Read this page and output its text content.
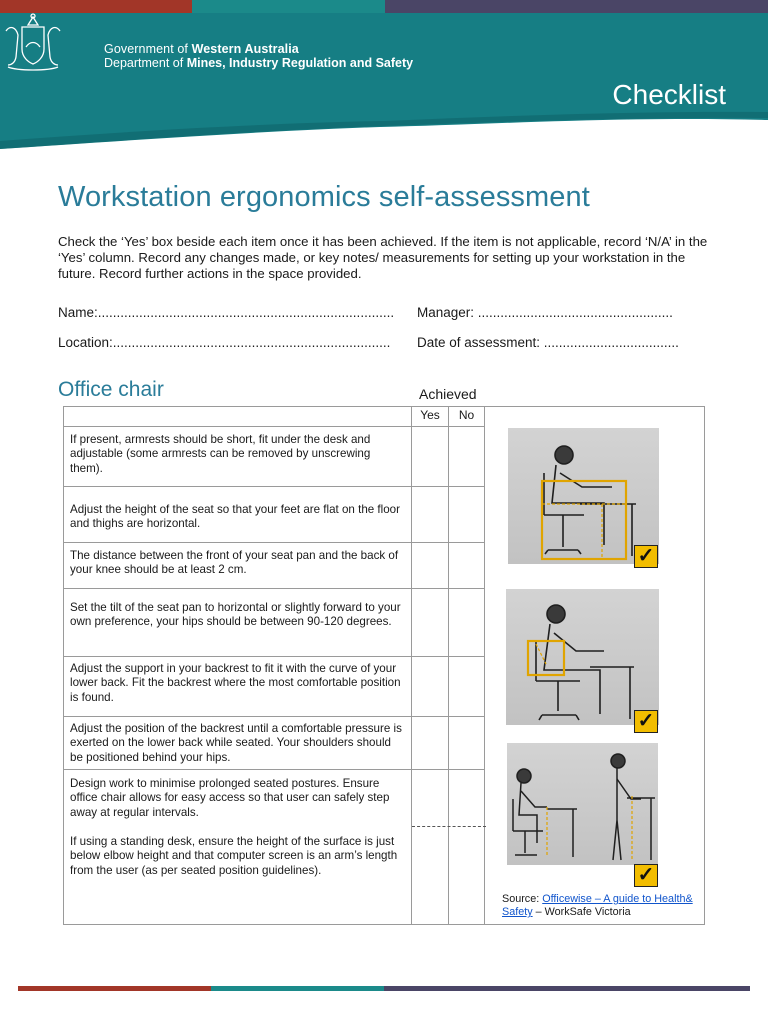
Government of Western Australia
Department of Mines, Industry Regulation and Safety
Checklist
Workstation ergonomics self-assessment
Check the ‘Yes’ box beside each item once it has been achieved. If the item is not applicable, record ‘N/A’ in the ‘Yes’ column. Record any changes made, or key notes/ measurements for setting up your workstation in the future. Record further actions in the space provided.
Name:...............................................................................	Manager: ....................................................
Location:..........................................................................	Date of assessment: ....................................
Office chair	Achieved
Yes	No
If present, armrests should be short, fit under the desk and adjustable (some armrests can be removed by unscrewing them).
Adjust the height of the seat so that your feet are flat on the floor and thighs are horizontal.
The distance between the front of your seat pan and the back of your knee should be at least 2 cm.
Set the tilt of the seat pan to horizontal or slightly forward to your own preference, your hips should be between 90-120 degrees.
Adjust the support in your backrest to fit it with the curve of your lower back. Fit the backrest where the most comfortable position is found.
Adjust the position of the backrest until a comfortable pressure is exerted on the lower back while seated. Your shoulders should be positioned behind your hips.
Design work to minimise prolonged seated postures. Ensure office chair allows for easy access so that user can safely step away at regular intervals.
If using a standing desk, ensure the height of the surface is just below elbow height and that computer screen is an arm’s length from the user (as per seated position guidelines).
✓
✓
✓
Source: Officewise – A guide to Health& Safety – WorkSafe Victoria
